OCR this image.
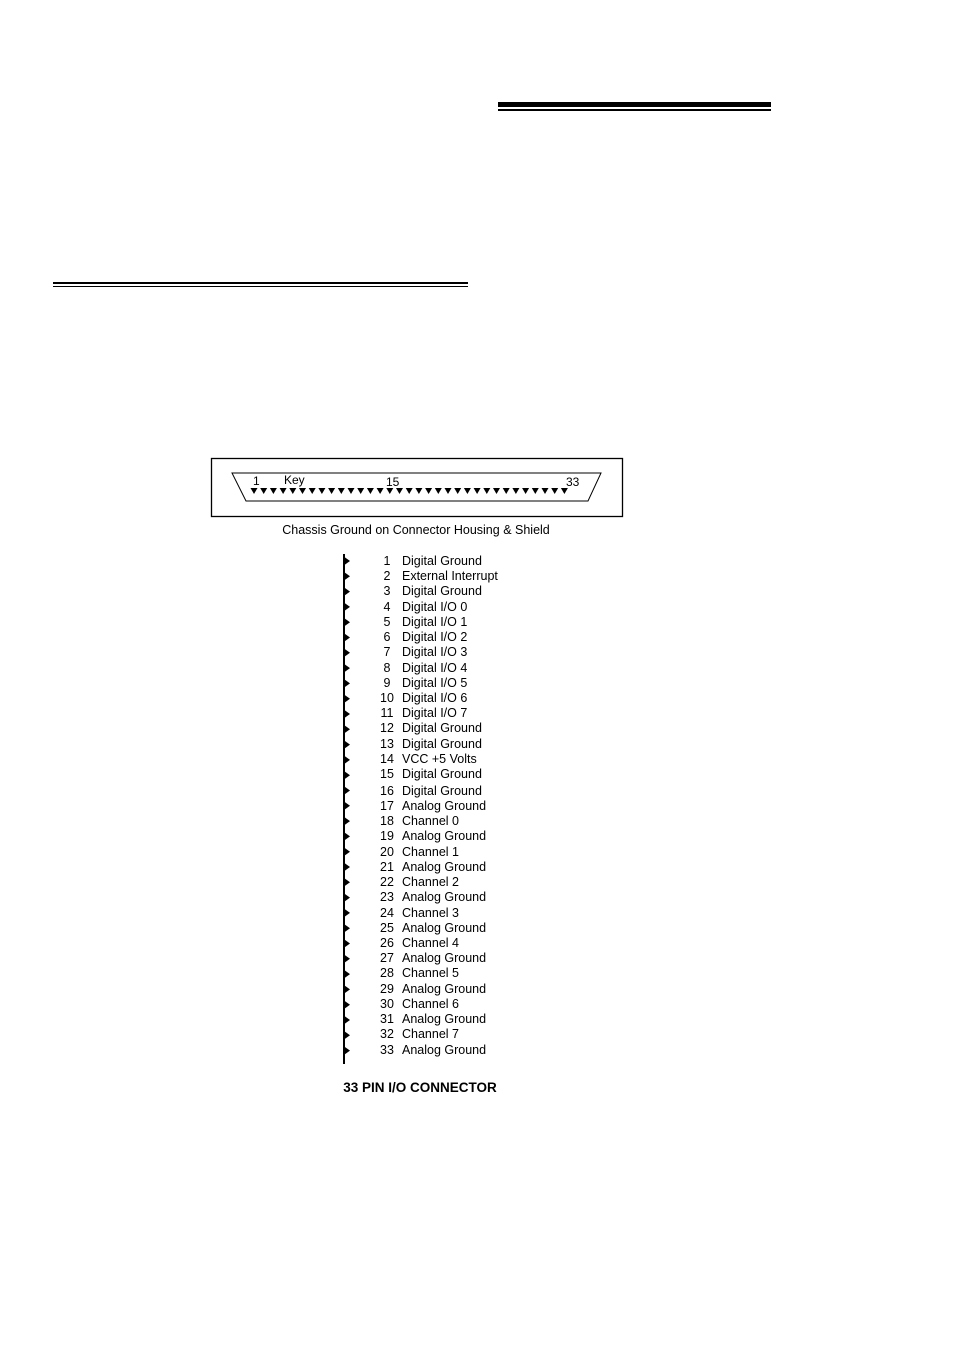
1 Key	15	33
Chassis Ground on Connector Housing & Shield
1 Digital Ground
2 External Interrupt
3 Digital Ground
4 Digital I/O 0
5 Digital I/O 1
6 Digital I/O 2
7 Digital I/O 3
8 Digital I/O 4
9 Digital I/O 5
10 Digital I/O 6
11 Digital I/O 7
12 Digital Ground
13 Digital Ground
14 VCC +5 Volts
15 Digital Ground
16 Digital Ground
17 Analog Ground
18 Channel 0
19 Analog Ground
20 Channel 1
21 Analog Ground
22 Channel 2
23 Analog Ground
24 Channel 3
25 Analog Ground
26 Channel 4
27 Analog Ground
28 Channel 5
29 Analog Ground
30 Channel 6
31 Analog Ground
32 Channel 7
33 Analog Ground
33 PIN I/O CONNECTOR
